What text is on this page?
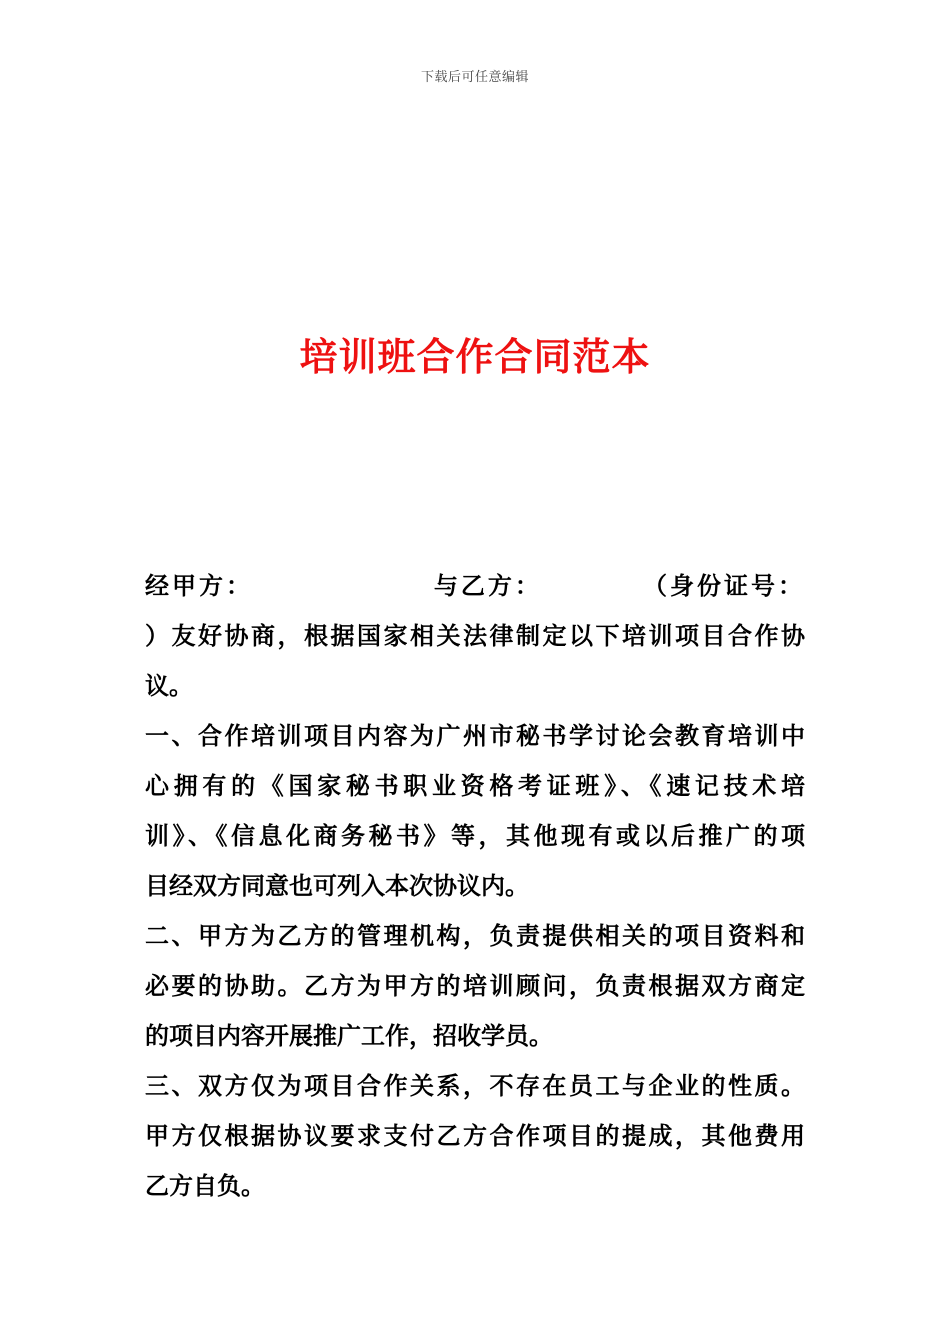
下载后可任意编辑
培训班合作合同范本
经甲方：	与乙方：	（身份证号：
）友好协商，根据国家相关法律制定以下培训项目合作协
议。
一、合作培训项目内容为广州市秘书学讨论会教育培训中
心拥有的《国家秘书职业资格考证班》、《速记技术培
训》、《信息化商务秘书》等，其他现有或以后推广的项
目经双方同意也可列入本次协议内。
二、甲方为乙方的管理机构，负责提供相关的项目资料和
必要的协助。乙方为甲方的培训顾问，负责根据双方商定
的项目内容开展推广工作，招收学员。
三、双方仅为项目合作关系，不存在员工与企业的性质。
甲方仅根据协议要求支付乙方合作项目的提成，其他费用
乙方自负。
